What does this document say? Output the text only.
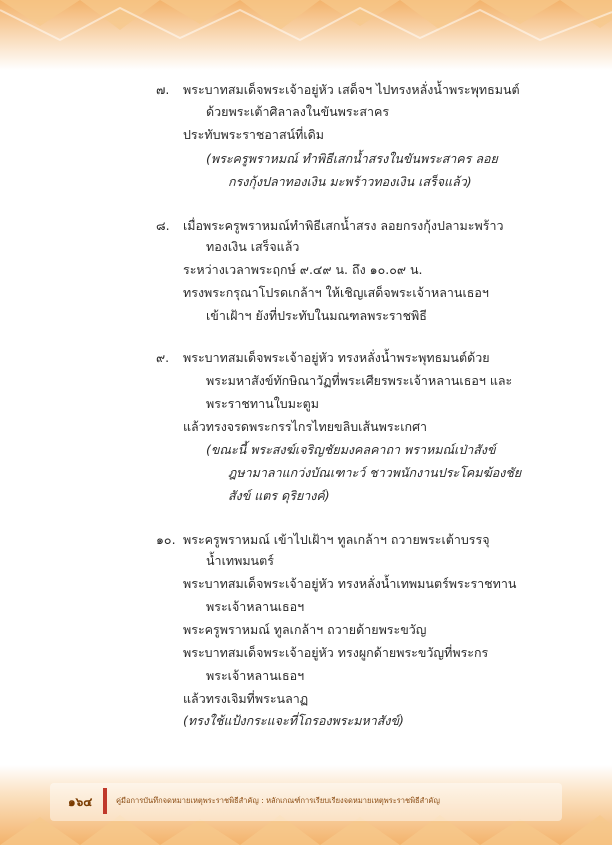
๗. พระบาทสมเด็จพระเจ้าอยู่หัว เสด็จฯ ไปทรงหลั่งน้ำพระพุทธมนต์
ด้วยพระเต้าศิลาลงในขันพระสาคร
ประทับพระราชอาสน์ที่เดิม
(พระครูพราหมณ์ ทำพิธีเสกน้ำสรงในขันพระสาคร ลอย
กรงกุ้งปลาทองเงิน มะพร้าวทองเงิน เสร็จแล้ว)
๘. เมื่อพระครูพราหมณ์ทำพิธีเสกน้ำสรง ลอยกรงกุ้งปลามะพร้าว
ทองเงิน เสร็จแล้ว
ระหว่างเวลาพระฤกษ์ ๙.๔๙ น. ถึง ๑๐.๐๙ น.
ทรงพระกรุณาโปรดเกล้าฯ ให้เชิญเสด็จพระเจ้าหลานเธอฯ
เข้าเฝ้าฯ ยังที่ประทับในมณฑลพระราชพิธี
๙. พระบาทสมเด็จพระเจ้าอยู่หัว ทรงหลั่งน้ำพระพุทธมนต์ด้วย
พระมหาสังข์ทักษิณาวัฏที่พระเศียรพระเจ้าหลานเธอฯ และ
พระราชทานใบมะตูม
แล้วทรงจรดพระกรรไกรไทยขลิบเส้นพระเกศา
(ขณะนี้ พระสงฆ์เจริญชัยมงคลคาถา พราหมณ์เป่าสังข์
ฎษามาลาแกว่งบัณเฑาะว์ ชาวพนักงานประโคมฆ้องชัย
สังข์ แตร ดุริยางค์)
๑๐. พระครูพราหมณ์ เข้าไปเฝ้าฯ ทูลเกล้าฯ ถวายพระเต้าบรรจุ
น้ำเทพมนตร์
พระบาทสมเด็จพระเจ้าอยู่หัว ทรงหลั่งน้ำเทพมนตร์พระราชทาน
พระเจ้าหลานเธอฯ
พระครูพราหมณ์ ทูลเกล้าฯ ถวายด้ายพระขวัญ
พระบาทสมเด็จพระเจ้าอยู่หัว ทรงผูกด้ายพระขวัญที่พระกร
พระเจ้าหลานเธอฯ
แล้วทรงเจิมที่พระนลาฏ
(ทรงใช้แป้งกระแจะที่โถรองพระมหาสังข์)
๑๖๔	คู่มือการบันทึกจดหมายเหตุพระราชพิธีสำคัญ : หลักเกณฑ์การเรียบเรียงจดหมายเหตุพระราชพิธีสำคัญ
